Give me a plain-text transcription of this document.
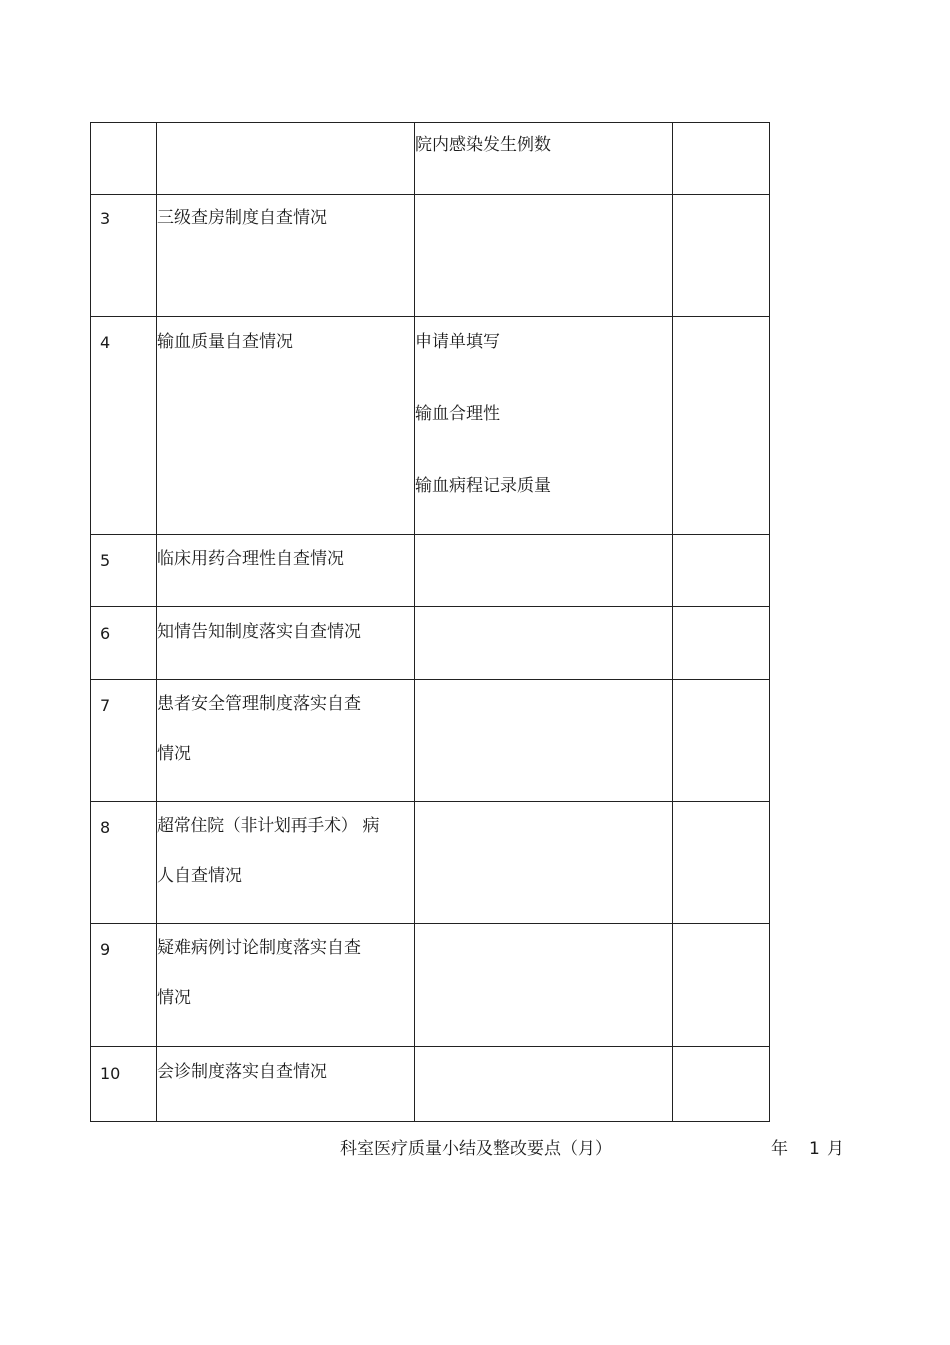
		院内感染发生例数	

3	三级查房制度自查情况		

4	输血质量自查情况	申请单填写
输血合理性
输血病程记录质量	

5	临床用药合理性自查情况		

6	知情告知制度落实自查情况		

7	患者安全管理制度落实自查
情况		

8	超常住院（非计划再手术） 病
人自查情况		

9	疑难病例讨论制度落实自查
情况		

10	会诊制度落实自查情况		

科室医疗质量小结及整改要点（月）	年 1 月
